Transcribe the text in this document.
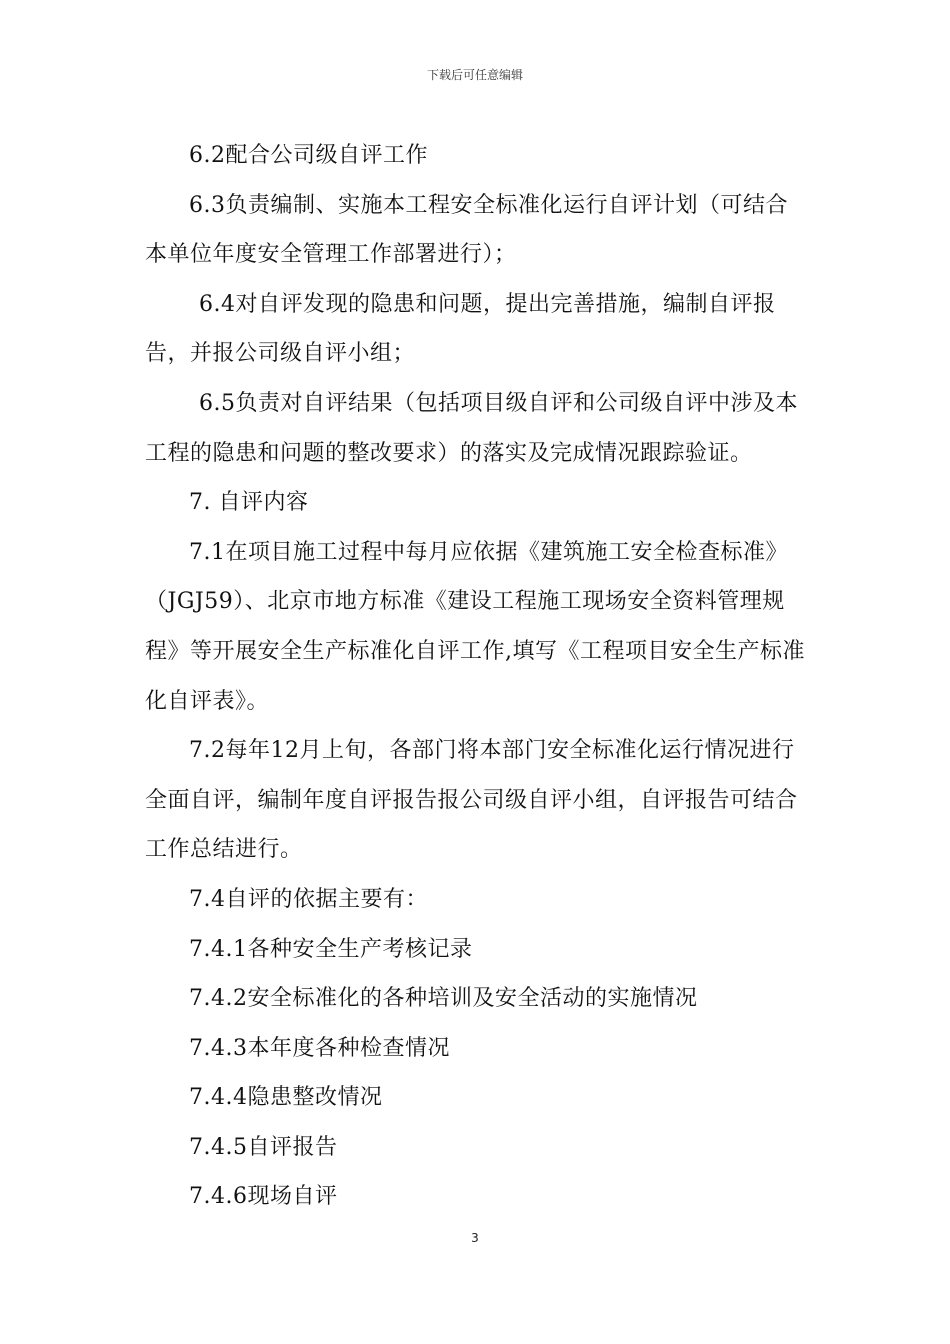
下载后可任意编辑

6.2配合公司级自评工作

6.3负责编制、实施本工程安全标准化运行自评计划（可结合本单位年度安全管理工作部署进行）；

6.4对自评发现的隐患和问题，提出完善措施，编制自评报告，并报公司级自评小组；

6.5负责对自评结果（包括项目级自评和公司级自评中涉及本工程的隐患和问题的整改要求）的落实及完成情况跟踪验证。

7. 自评内容

7.1在项目施工过程中每月应依据《建筑施工安全检查标准》（JGJ59）、北京市地方标准《建设工程施工现场安全资料管理规程》等开展安全生产标准化自评工作,填写《工程项目安全生产标准化自评表》。

7.2每年12月上旬，各部门将本部门安全标准化运行情况进行全面自评，编制年度自评报告报公司级自评小组，自评报告可结合工作总结进行。

7.4自评的依据主要有：

7.4.1各种安全生产考核记录

7.4.2安全标准化的各种培训及安全活动的实施情况

7.4.3本年度各种检查情况

7.4.4隐患整改情况

7.4.5自评报告

7.4.6现场自评

3
